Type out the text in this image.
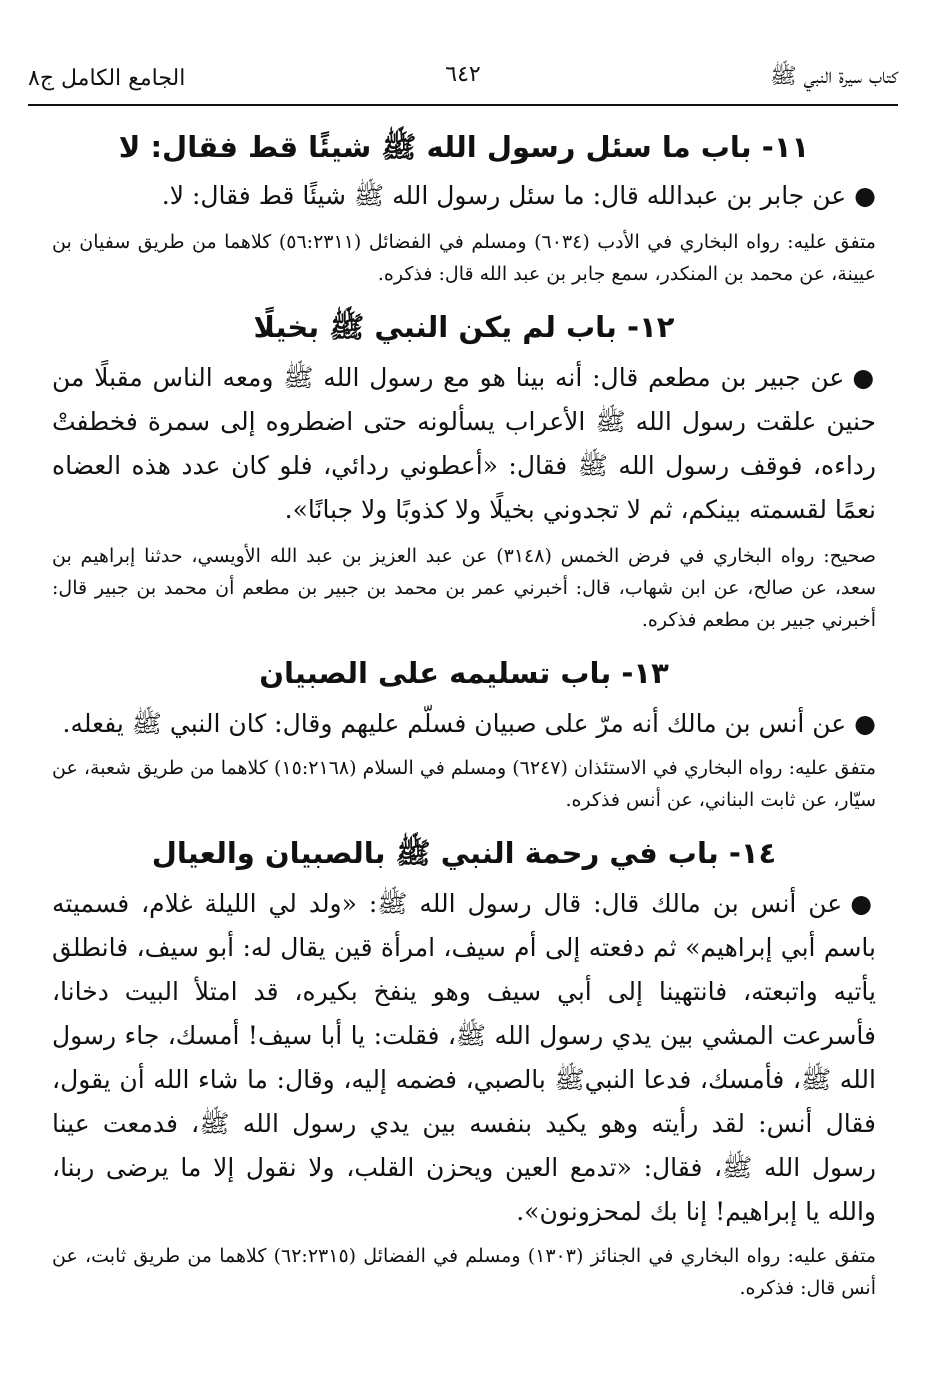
كتاب سيرة النبي ﷺ
الجامع الكامل ج٨	٦٤٢
١١- باب ما سئل رسول الله ﷺ شيئًا قط فقال: لا

●عن جابر بن عبدالله قال: ما سئل رسول الله ﷺ شيئًا قط فقال: لا.

متفق عليه: رواه البخاري في الأدب (٦٠٣٤) ومسلم في الفضائل (٥٦:٢٣١١) كلاهما من طريق سفيان بن عيينة، عن محمد بن المنكدر، سمع جابر بن عبد الله قال: فذكره.

١٢- باب لم يكن النبي ﷺ بخيلًا

●عن جبير بن مطعم قال: أنه بينا هو مع رسول الله ﷺ ومعه الناس مقبلًا من حنين علقت رسول الله ﷺ الأعراب يسألونه حتى اضطروه إلى سمرة فخطفتْ رداءه، فوقف رسول الله ﷺ فقال: «أعطوني ردائي، فلو كان عدد هذه العضاه نعمًا لقسمته بينكم، ثم لا تجدوني بخيلًا ولا كذوبًا ولا جبانًا».

صحيح: رواه البخاري في فرض الخمس (٣١٤٨) عن عبد العزيز بن عبد الله الأويسي، حدثنا إبراهيم بن سعد، عن صالح، عن ابن شهاب، قال: أخبرني عمر بن محمد بن جبير بن مطعم أن محمد بن جبير قال: أخبرني جبير بن مطعم فذكره.

١٣- باب تسليمه على الصبيان

●عن أنس بن مالك أنه مرّ على صبيان فسلّم عليهم وقال: كان النبي ﷺ يفعله.

متفق عليه: رواه البخاري في الاستئذان (٦٢٤٧) ومسلم في السلام (١٥:٢١٦٨) كلاهما من طريق شعبة، عن سيّار، عن ثابت البناني، عن أنس فذكره.

١٤- باب في رحمة النبي ﷺ بالصبيان والعيال

●عن أنس بن مالك قال: قال رسول الله ﷺ: «ولد لي الليلة غلام، فسميته باسم أبي إبراهيم» ثم دفعته إلى أم سيف، امرأة قين يقال له: أبو سيف، فانطلق يأتيه واتبعته، فانتهينا إلى أبي سيف وهو ينفخ بكيره، قد امتلأ البيت دخانا، فأسرعت المشي بين يدي رسول الله ﷺ، فقلت: يا أبا سيف! أمسك، جاء رسول الله ﷺ، فأمسك، فدعا النبيﷺ بالصبي، فضمه إليه، وقال: ما شاء الله أن يقول، فقال أنس: لقد رأيته وهو يكيد بنفسه بين يدي رسول الله ﷺ، فدمعت عينا رسول الله ﷺ، فقال: «تدمع العين ويحزن القلب، ولا نقول إلا ما يرضى ربنا، والله يا إبراهيم! إنا بك لمحزونون».

متفق عليه: رواه البخاري في الجنائز (١٣٠٣) ومسلم في الفضائل (٦٢:٢٣١٥) كلاهما من طريق ثابت، عن أنس قال: فذكره.
